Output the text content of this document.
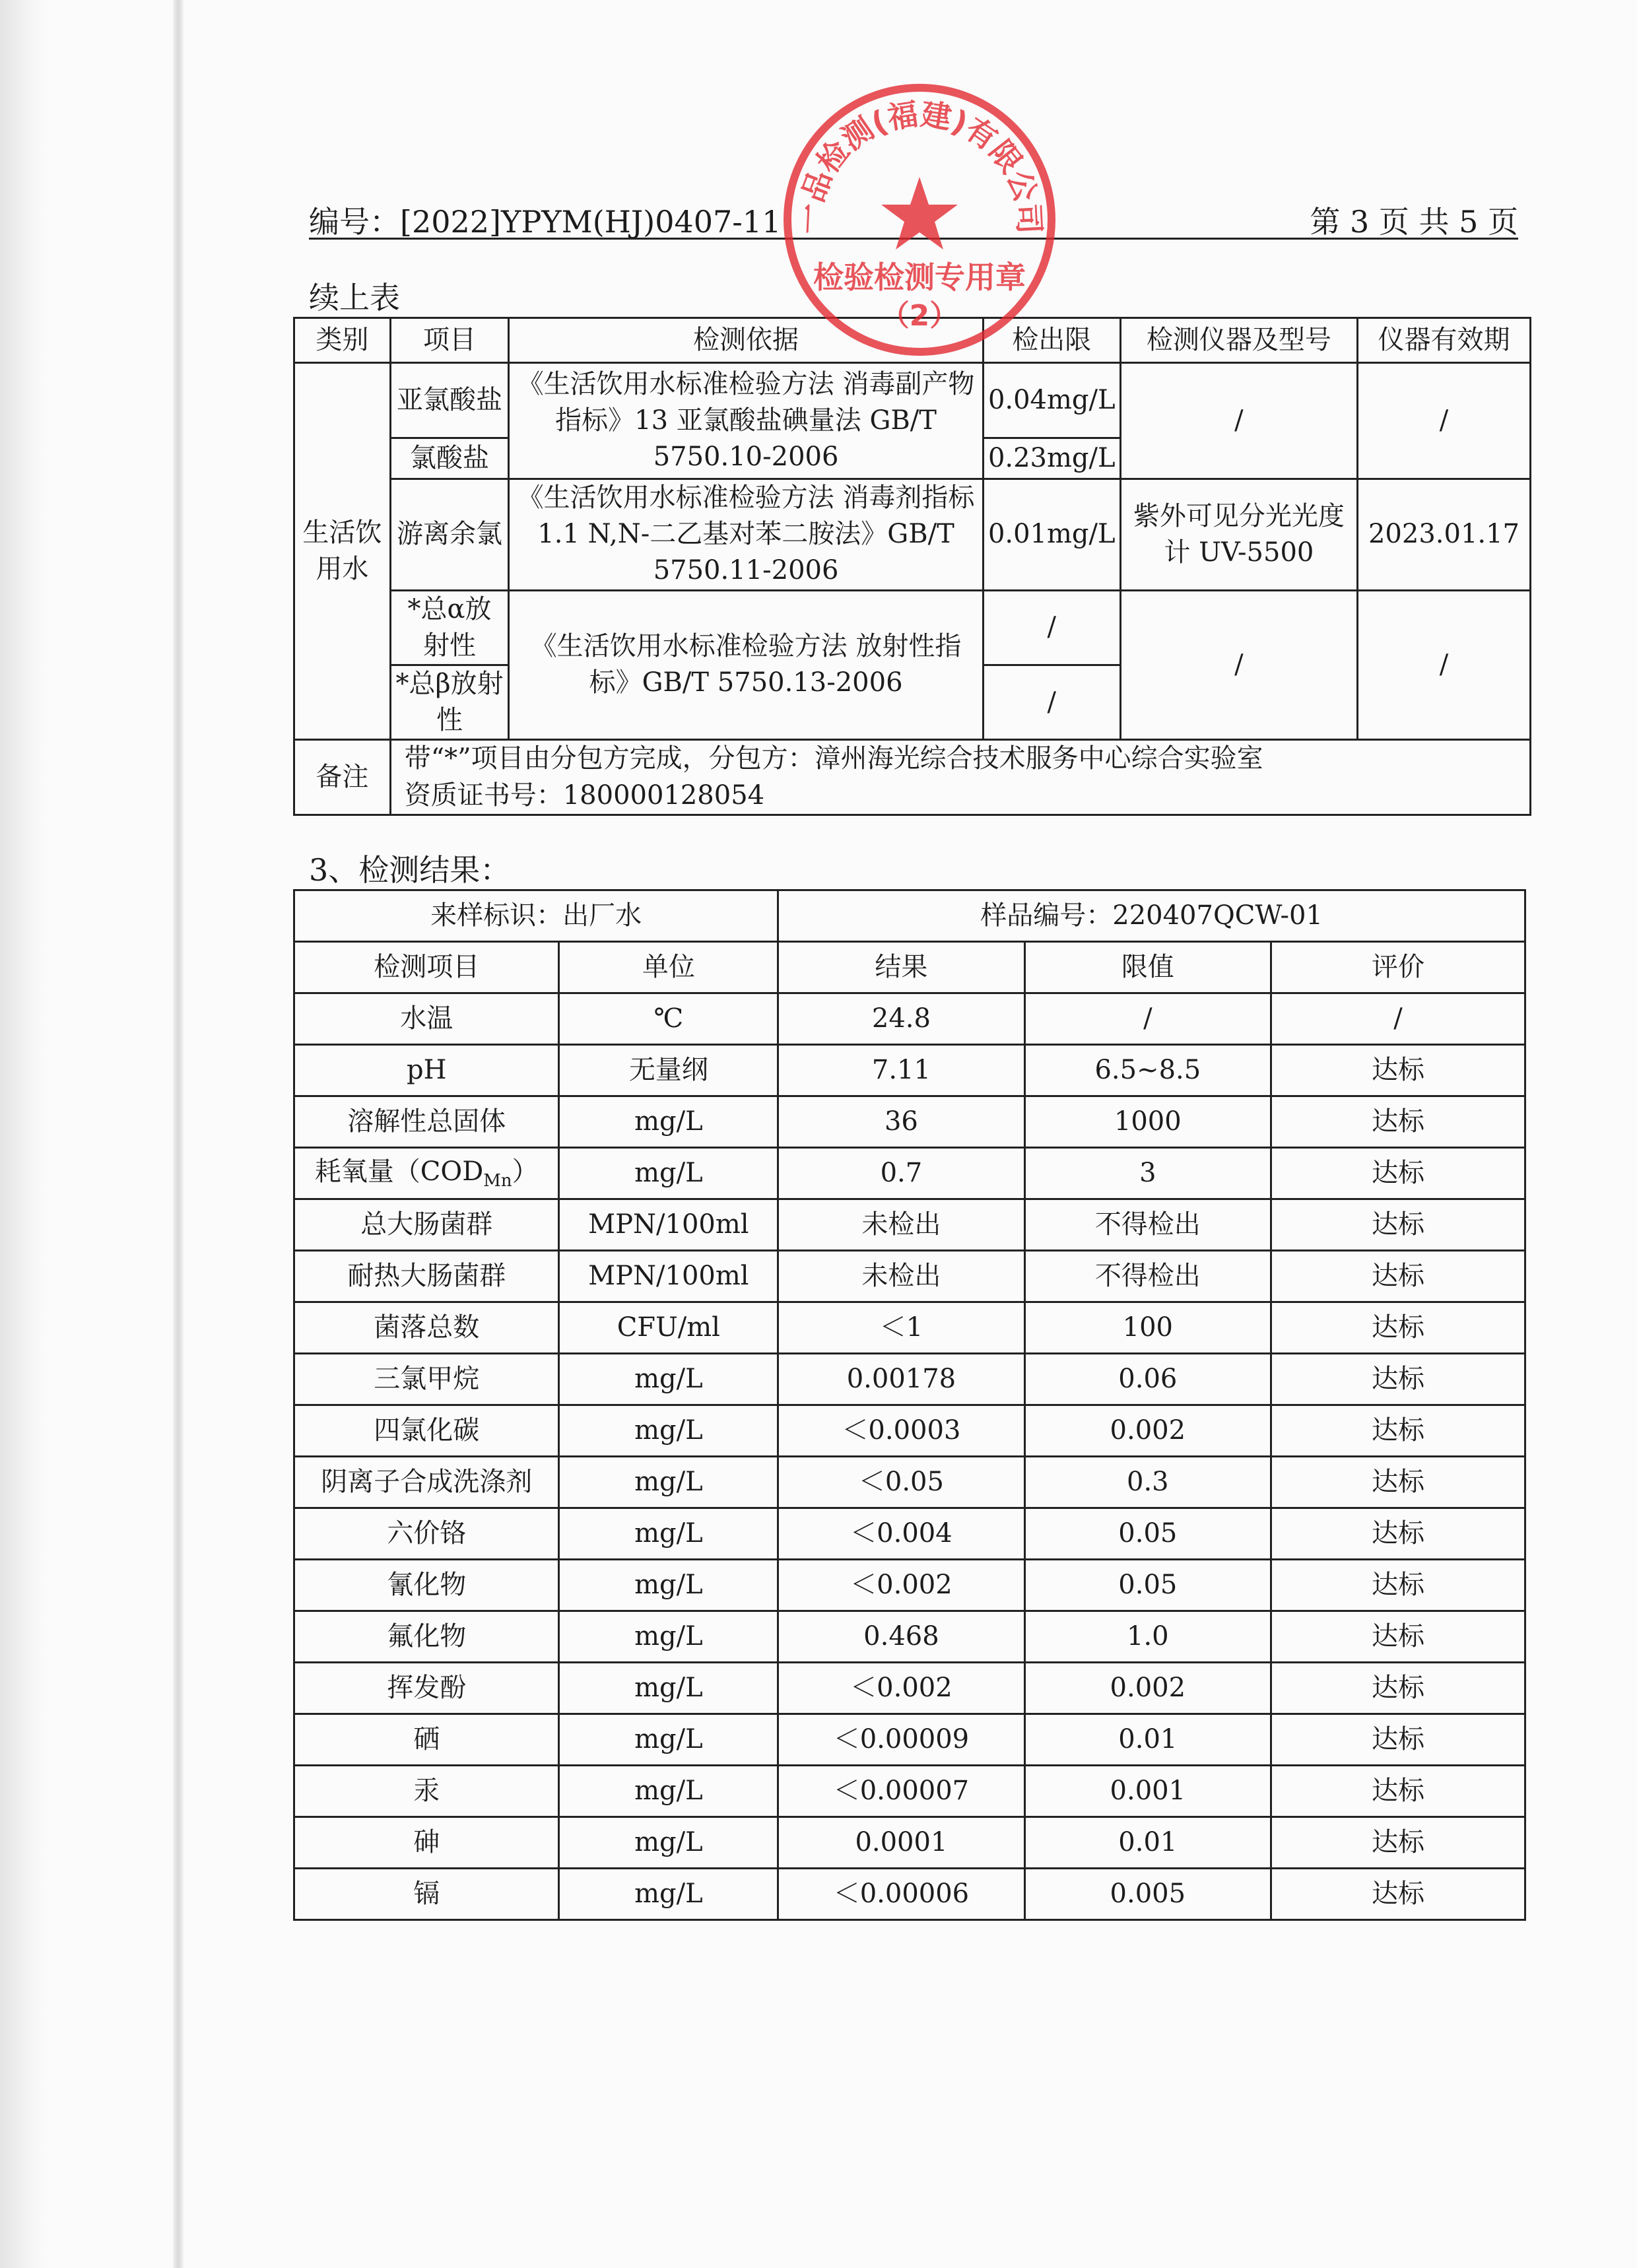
编号：[2022]YPYM(HJ)0407-11	第 3 页 共 5 页
续上表
类别	项目	检测依据	检出限	检测仪器及型号	仪器有效期
生活饮用水	亚氯酸盐	《生活饮用水标准检验方法 消毒副产物指标》13 亚氯酸盐碘量法 GB/T 5750.10-2006	0.04mg/L	/	/
	氯酸盐		0.23mg/L		
	游离余氯	《生活饮用水标准检验方法 消毒剂指标 1.1 N,N-二乙基对苯二胺法》GB/T 5750.11-2006	0.01mg/L	紫外可见分光光度计 UV-5500	2023.01.17
	*总α放射性	《生活饮用水标准检验方法 放射性指标》GB/T 5750.13-2006	/	/	/
	*总β放射性		/		
备注	带“*”项目由分包方完成，分包方：漳州海光综合技术服务中心综合实验室
资质证书号：180000128054				
3、检测结果：
来样标识：出厂水		样品编号：220407QCW-01		
检测项目	单位	结果	限值	评价
水温	℃	24.8	/	/
pH	无量纲	7.11	6.5~8.5	达标
溶解性总固体	mg/L	36	1000	达标
耗氧量$(COD_{Mn})$	mg/L	0.7	3	达标
总大肠菌群	MPN/100ml	未检出	不得检出	达标
耐热大肠菌群	MPN/100ml	未检出	不得检出	达标
菌落总数	CFU/ml	＜1	100	达标
三氯甲烷	mg/L	0.00178	0.06	达标
四氯化碳	mg/L	＜0.0003	0.002	达标
阴离子合成洗涤剂	mg/L	＜0.05	0.3	达标
六价铬	mg/L	＜0.004	0.05	达标
氰化物	mg/L	＜0.002	0.05	达标
氟化物	mg/L	0.468	1.0	达标
挥发酚	mg/L	＜0.002	0.002	达标
硒	mg/L	＜0.00009	0.01	达标
汞	mg/L	＜0.00007	0.001	达标
砷	mg/L	0.0001	0.01	达标
镉	mg/L	＜0.00006	0.005	达标
一品检测(福建)有限公司
检验检测专用章
（2）
